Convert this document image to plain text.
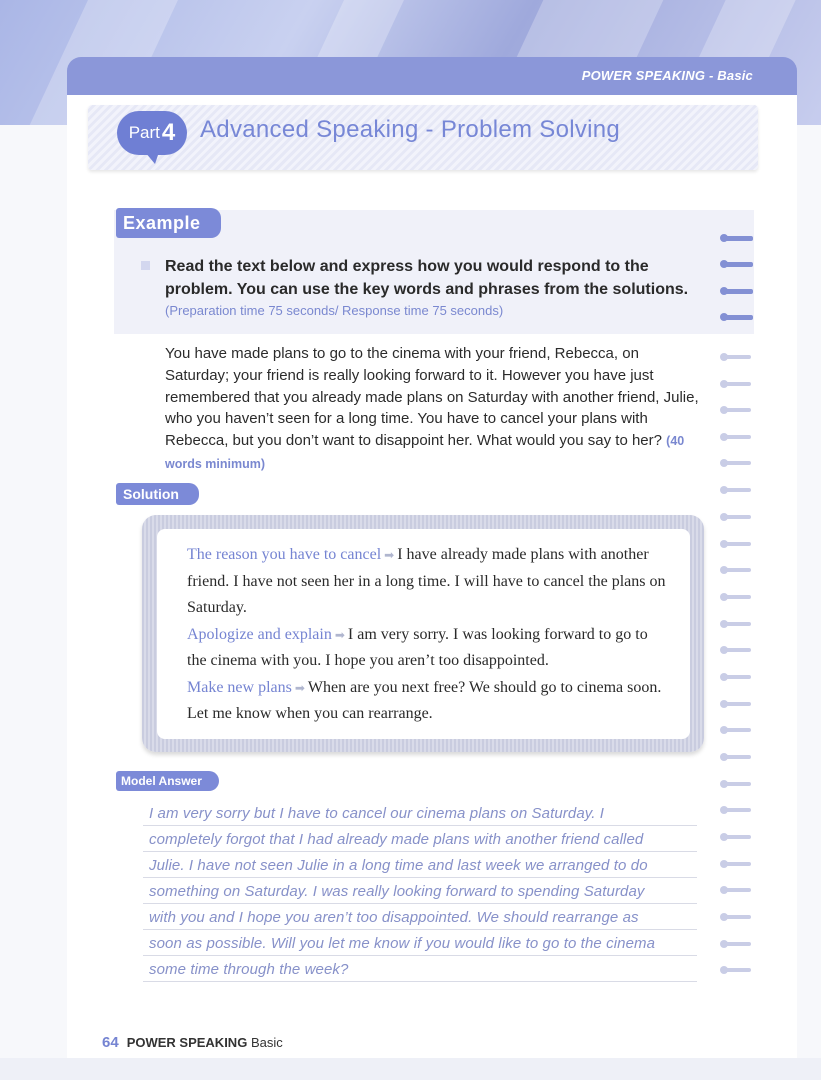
POWER SPEAKING - Basic
Part 4 Advanced Speaking - Problem Solving
Example
Read the text below and express how you would respond to the problem. You can use the key words and phrases from the solutions.
(Preparation time 75 seconds/ Response time 75 seconds)
You have made plans to go to the cinema with your friend, Rebecca, on Saturday; your friend is really looking forward to it. However you have just remembered that you already made plans on Saturday with another friend, Julie, who you haven’t seen for a long time. You have to cancel your plans with Rebecca, but you don’t want to disappoint her. What would you say to her? (40 words minimum)
Solution

The reason you have to cancel ➡ I have already made plans with another friend. I have not seen her in a long time. I will have to cancel the plans on Saturday.

Apologize and explain ➡ I am very sorry. I was looking forward to go to the cinema with you. I hope you aren’t too disappointed.

Make new plans ➡ When are you next free? We should go to cinema soon. Let me know when you can rearrange.

Model Answer
I am very sorry but I have to cancel our cinema plans on Saturday. I
completely forgot that I had already made plans with another friend called
Julie. I have not seen Julie in a long time and last week we arranged to do
something on Saturday. I was really looking forward to spending Saturday
with you and I hope you aren’t too disappointed. We should rearrange as
soon as possible. Will you let me know if you would like to go to the cinema
some time through the week?
64 POWER SPEAKING Basic
